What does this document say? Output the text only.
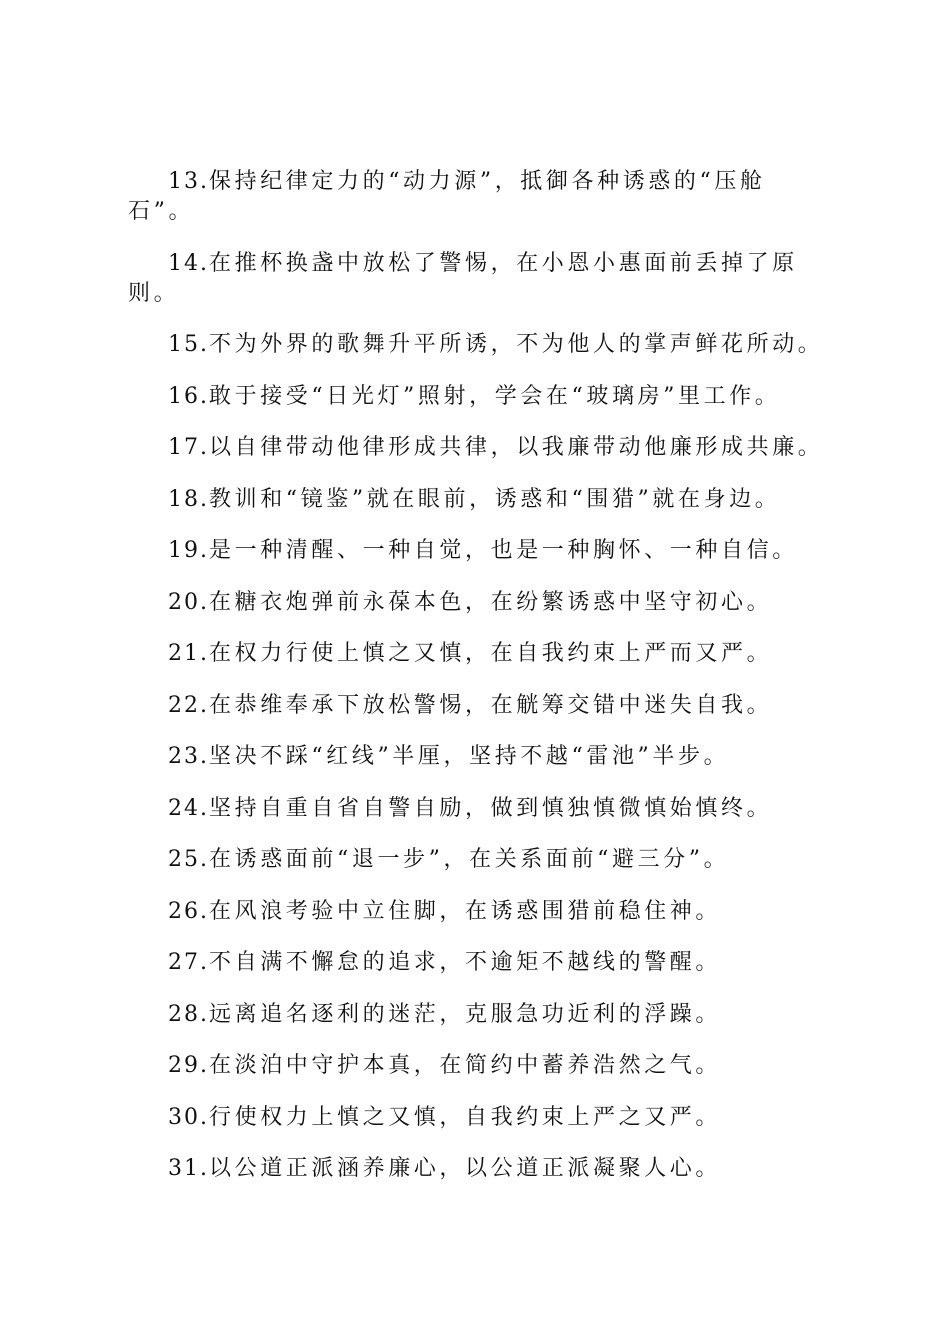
13.保持纪律定力的“动力源”，抵御各种诱惑的“压舱石”。

14.在推杯换盏中放松了警惕，在小恩小惠面前丢掉了原则。

15.不为外界的歌舞升平所诱，不为他人的掌声鲜花所动。

16.敢于接受“日光灯”照射，学会在“玻璃房”里工作。

17.以自律带动他律形成共律，以我廉带动他廉形成共廉。

18.教训和“镜鉴”就在眼前，诱惑和“围猎”就在身边。

19.是一种清醒、一种自觉，也是一种胸怀、一种自信。

20.在糖衣炮弹前永葆本色，在纷繁诱惑中坚守初心。

21.在权力行使上慎之又慎，在自我约束上严而又严。

22.在恭维奉承下放松警惕，在觥筹交错中迷失自我。

23.坚决不踩“红线”半厘，坚持不越“雷池”半步。

24.坚持自重自省自警自励，做到慎独慎微慎始慎终。

25.在诱惑面前“退一步”，在关系面前“避三分”。

26.在风浪考验中立住脚，在诱惑围猎前稳住神。

27.不自满不懈怠的追求，不逾矩不越线的警醒。

28.远离追名逐利的迷茫，克服急功近利的浮躁。

29.在淡泊中守护本真，在简约中蓄养浩然之气。

30.行使权力上慎之又慎，自我约束上严之又严。

31.以公道正派涵养廉心，以公道正派凝聚人心。
